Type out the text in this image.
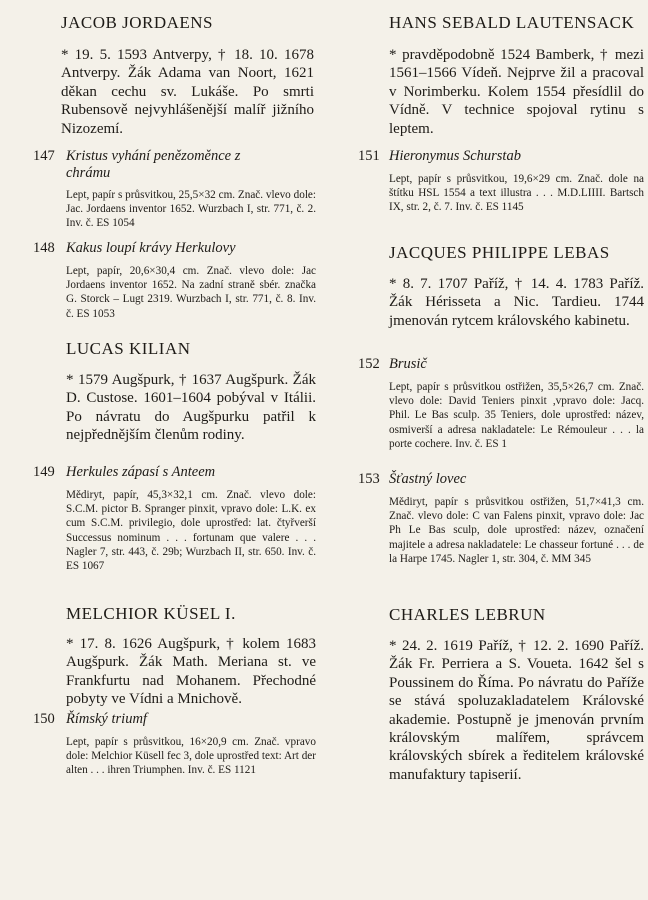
JACOB JORDAENS

* 19. 5. 1593 Antverpy, † 18. 10. 1678 Antverpy. Žák Adama van Noort, 1621 děkan cechu sv. Lukáše. Po smrti Rubensově nejvyhlášenější malíř jižního Nizozemí.

147 Kristus vyhání penězoměnce z chrámu

Lept, papír s průsvitkou, 25,5×32 cm. Znač. vlevo dole: Jac. Jordaens inventor 1652. Wurzbach I, str. 771, č. 2. Inv. č. ES 1054

148 Kakus loupí krávy Herkulovy

Lept, papír, 20,6×30,4 cm. Znač. vlevo dole: Jac Jordaens inventor 1652. Na zadní straně sbér. značka G. Storck – Lugt 2319. Wurzbach I, str. 771, č. 8. Inv. č. ES 1053

LUCAS KILIAN

* 1579 Augšpurk, † 1637 Augšpurk. Žák D. Custose. 1601–1604 pobýval v Itálii. Po návratu do Augšpurku patřil k nejpřednějším členům rodiny.

149 Herkules zápasí s Anteem

Mědiryt, papír, 45,3×32,1 cm. Znač. vlevo dole: S.C.M. pictor B. Spranger pinxit, vpravo dole: L.K. ex cum S.C.M. privilegio, dole uprostřed: lat. čtyřverší Successus nominum . . . fortunam que valere . . . Nagler 7, str. 443, č. 29b; Wurzbach II, str. 650. Inv. č. ES 1067

MELCHIOR KÜSEL I.

* 17. 8. 1626 Augšpurk, † kolem 1683 Augšpurk. Žák Math. Meriana st. ve Frankfurtu nad Mohanem. Přechodné pobyty ve Vídni a Mnichově.

150 Římský triumf

Lept, papír s průsvitkou, 16×20,9 cm. Znač. vpravo dole: Melchior Küsell fec 3, dole uprostřed text: Art der alten . . . ihren Triumphen. Inv. č. ES 1121

HANS SEBALD LAUTENSACK

* pravděpodobně 1524 Bamberk, † mezi 1561–1566 Vídeň. Nejprve žil a pracoval v Norimberku. Kolem 1554 přesídlil do Vídně. V technice spojoval rytinu s leptem.

151 Hieronymus Schurstab

Lept, papír s průsvitkou, 19,6×29 cm. Znač. dole na štítku HSL 1554 a text illustra . . . M.D.LIIII. Bartsch IX, str. 2, č. 7. Inv. č. ES 1145

JACQUES PHILIPPE LEBAS

* 8. 7. 1707 Paříž, † 14. 4. 1783 Paříž. Žák Hérisseta a Nic. Tardieu. 1744 jmenován rytcem královského kabinetu.

152 Brusič

Lept, papír s průsvitkou ostřižen, 35,5×26,7 cm. Znač. vlevo dole: David Teniers pinxit ,vpravo dole: Jacq. Phil. Le Bas sculp. 35 Teniers, dole uprostřed: název, osmiverší a adresa nakladatele: Le Rémouleur . . . la porte cochere. Inv. č. ES 1

153 Šťastný lovec

Mědiryt, papír s průsvitkou ostřižen, 51,7×41,3 cm. Znač. vlevo dole: C van Falens pinxit, vpravo dole: Jac Ph Le Bas sculp, dole uprostřed: název, označení majitele a adresa nakladatele: Le chasseur fortuné . . . de la Harpe 1745. Nagler 1, str. 304, č. MM 345

CHARLES LEBRUN

* 24. 2. 1619 Paříž, † 12. 2. 1690 Paříž. Žák Fr. Perriera a S. Voueta. 1642 šel s Poussinem do Říma. Po návratu do Paříže se stává spoluzakladatelem Královské akademie. Postupně je jmenován prvním královským malířem, správcem královských sbírek a ředitelem královské manufaktury tapiserií.
